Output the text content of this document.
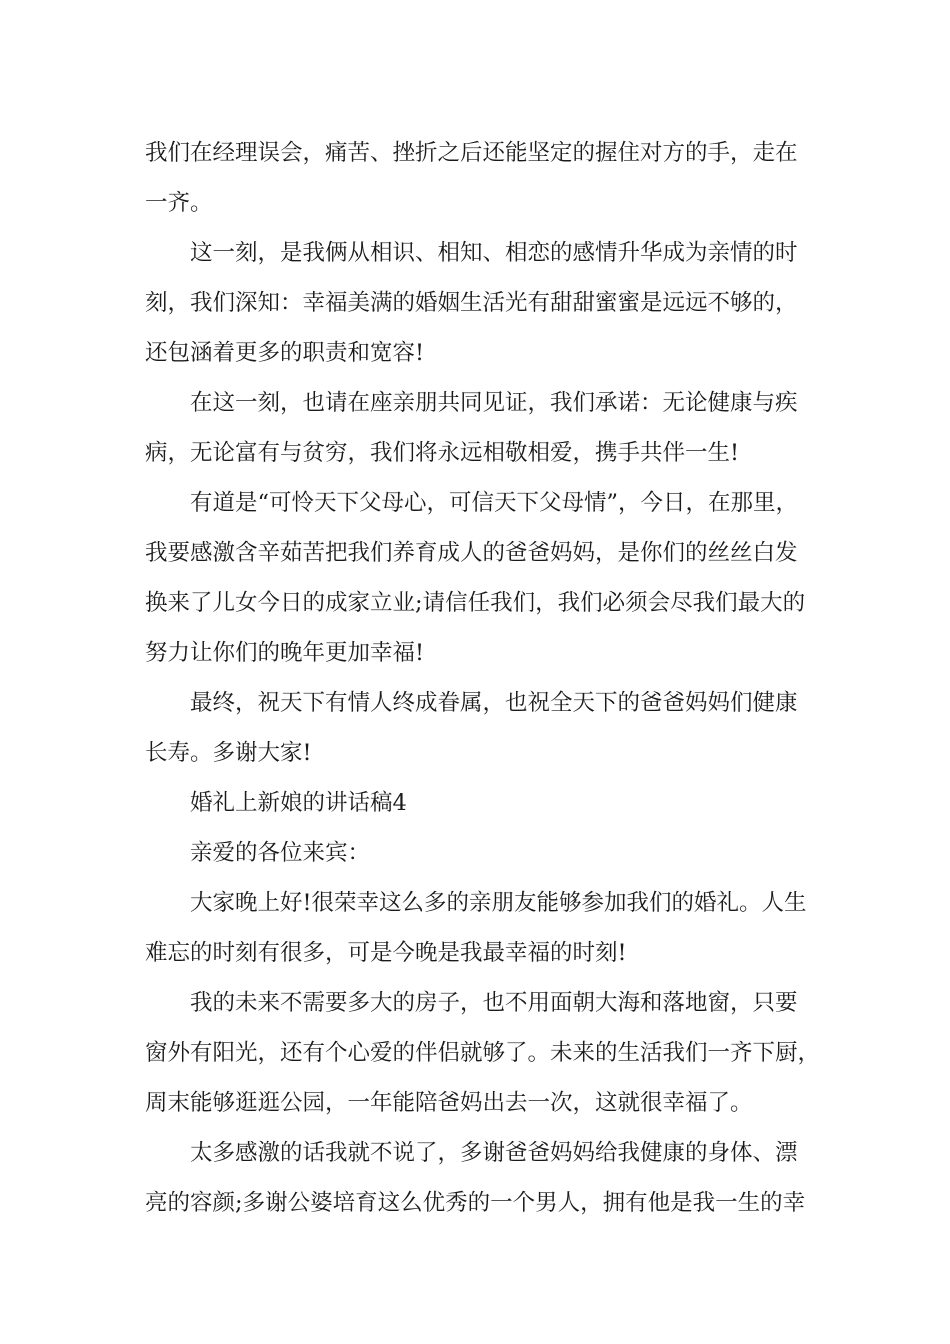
我们在经理误会，痛苦、挫折之后还能坚定的握住对方的手，走在
一齐。
这一刻，是我俩从相识、相知、相恋的感情升华成为亲情的时
刻，我们深知：幸福美满的婚姻生活光有甜甜蜜蜜是远远不够的，
还包涵着更多的职责和宽容!
在这一刻，也请在座亲朋共同见证，我们承诺：无论健康与疾
病，无论富有与贫穷，我们将永远相敬相爱，携手共伴一生!
有道是“可怜天下父母心，可信天下父母情”，今日，在那里，
我要感激含辛茹苦把我们养育成人的爸爸妈妈，是你们的丝丝白发
换来了儿女今日的成家立业;请信任我们，我们必须会尽我们最大的
努力让你们的晚年更加幸福!
最终，祝天下有情人终成眷属，也祝全天下的爸爸妈妈们健康
长寿。多谢大家!
婚礼上新娘的讲话稿4
亲爱的各位来宾：
大家晚上好!很荣幸这么多的亲朋友能够参加我们的婚礼。人生
难忘的时刻有很多，可是今晚是我最幸福的时刻!
我的未来不需要多大的房子，也不用面朝大海和落地窗，只要
窗外有阳光，还有个心爱的伴侣就够了。未来的生活我们一齐下厨，
周末能够逛逛公园，一年能陪爸妈出去一次，这就很幸福了。
太多感激的话我就不说了，多谢爸爸妈妈给我健康的身体、漂
亮的容颜;多谢公婆培育这么优秀的一个男人，拥有他是我一生的幸
